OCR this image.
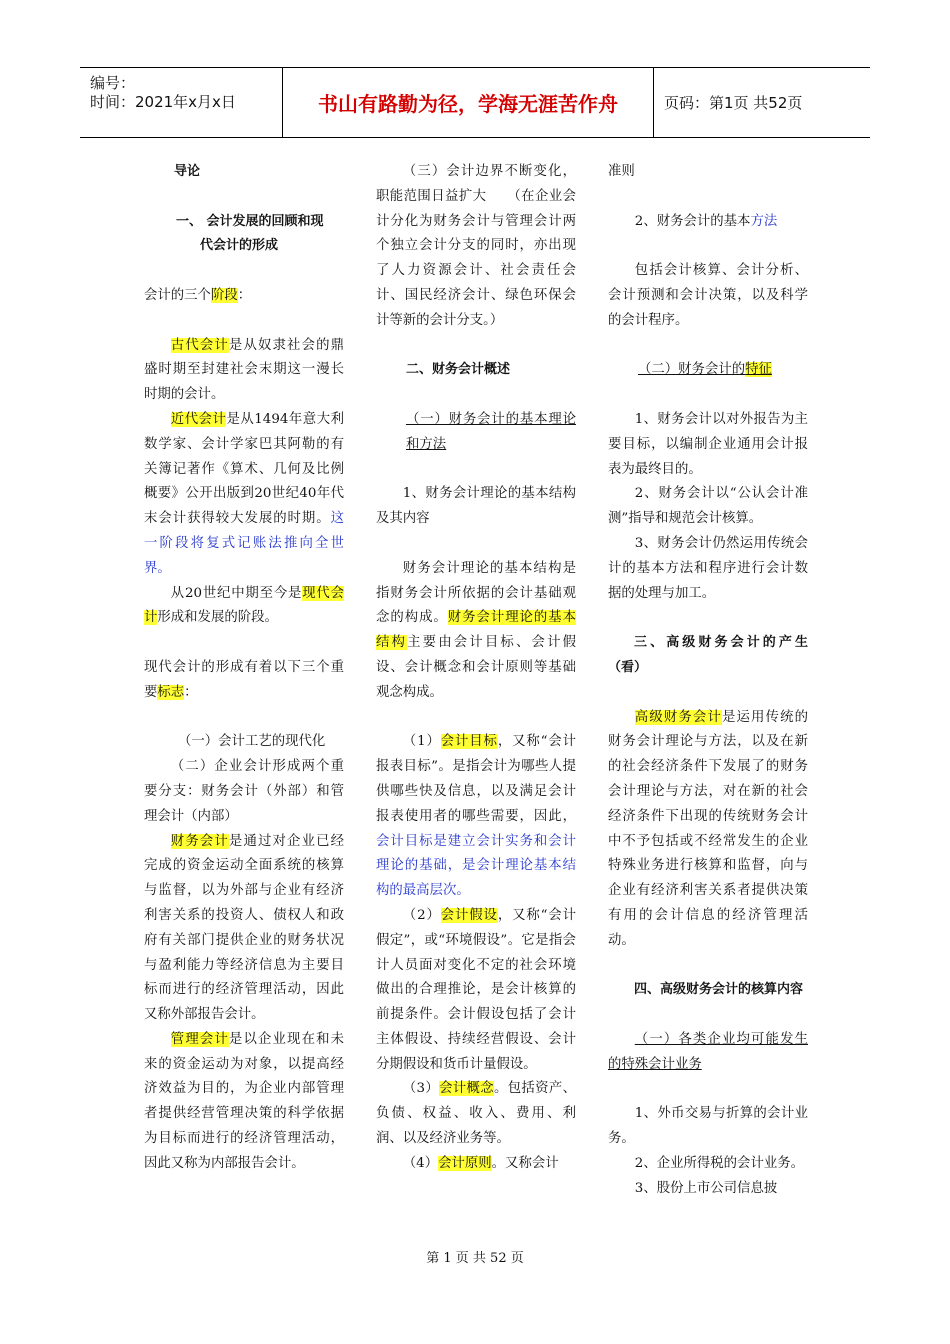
编号：
时间：2021年x月x日	书山有路勤为径，学海无涯苦作舟	页码：第1页 共52页

导论

一、 会计发展的回顾和现

代会计的形成

会计的三个阶段：

古代会计是从奴隶社会的鼎盛时期至封建社会末期这一漫长时期的会计。

近代会计是从1494年意大利数学家、会计学家巴其阿勒的有关簿记著作《算术、几何及比例概要》公开出版到20世纪40年代末会计获得较大发展的时期。这一阶段将复式记账法推向全世界。

从20世纪中期至今是现代会计形成和发展的阶段。

现代会计的形成有着以下三个重要标志：

（一）会计工艺的现代化

（二）企业会计形成两个重要分支：财务会计（外部）和管理会计（内部）

财务会计是通过对企业已经完成的资金运动全面系统的核算与监督，以为外部与企业有经济利害关系的投资人、债权人和政府有关部门提供企业的财务状况与盈利能力等经济信息为主要目标而进行的经济管理活动，因此又称外部报告会计。

管理会计是以企业现在和未来的资金运动为对象，以提高经济效益为目的，为企业内部管理者提供经营管理决策的科学依据为目标而进行的经济管理活动，因此又称为内部报告会计。

（三）会计边界不断变化，职能范围日益扩大　　（在企业会计分化为财务会计与管理会计两个独立会计分支的同时，亦出现了人力资源会计、社会责任会计、国民经济会计、绿色环保会计等新的会计分支。）

二、财务会计概述

（一）财务会计的基本理论和方法

1、财务会计理论的基本结构及其内容

财务会计理论的基本结构是指财务会计所依据的会计基础观念的构成。财务会计理论的基本结构主要由会计目标、会计假设、会计概念和会计原则等基础观念构成。

（1）会计目标，又称“会计报表目标”。是指会计为哪些人提供哪些快及信息，以及满足会计报表使用者的哪些需要，因此，会计目标是建立会计实务和会计理论的基础，是会计理论基本结构的最高层次。

（2）会计假设，又称“会计假定”，或“环境假设”。它是指会计人员面对变化不定的社会环境做出的合理推论，是会计核算的前提条件。会计假设包括了会计主体假设、持续经营假设、会计分期假设和货币计量假设。

（3）会计概念。包括资产、负债、权益、收入、费用、利润、以及经济业务等。

（4）会计原则。又称会计

准则

2、财务会计的基本方法

包括会计核算、会计分析、会计预测和会计决策，以及科学的会计程序。

（二）财务会计的特征

1、财务会计以对外报告为主要目标，以编制企业通用会计报表为最终目的。

2、财务会计以“公认会计准测”指导和规范会计核算。

3、财务会计仍然运用传统会计的基本方法和程序进行会计数据的处理与加工。

三、高级财务会计的产生（看）

高级财务会计是运用传统的财务会计理论与方法，以及在新的社会经济条件下发展了的财务会计理论与方法，对在新的社会经济条件下出现的传统财务会计中不予包括或不经常发生的企业特殊业务进行核算和监督，向与企业有经济利害关系者提供决策有用的会计信息的经济管理活动。

四、高级财务会计的核算内容

（一）各类企业均可能发生的特殊会计业务

1、外币交易与折算的会计业务。

2、企业所得税的会计业务。

3、股份上市公司信息披

第 1 页 共 52 页
